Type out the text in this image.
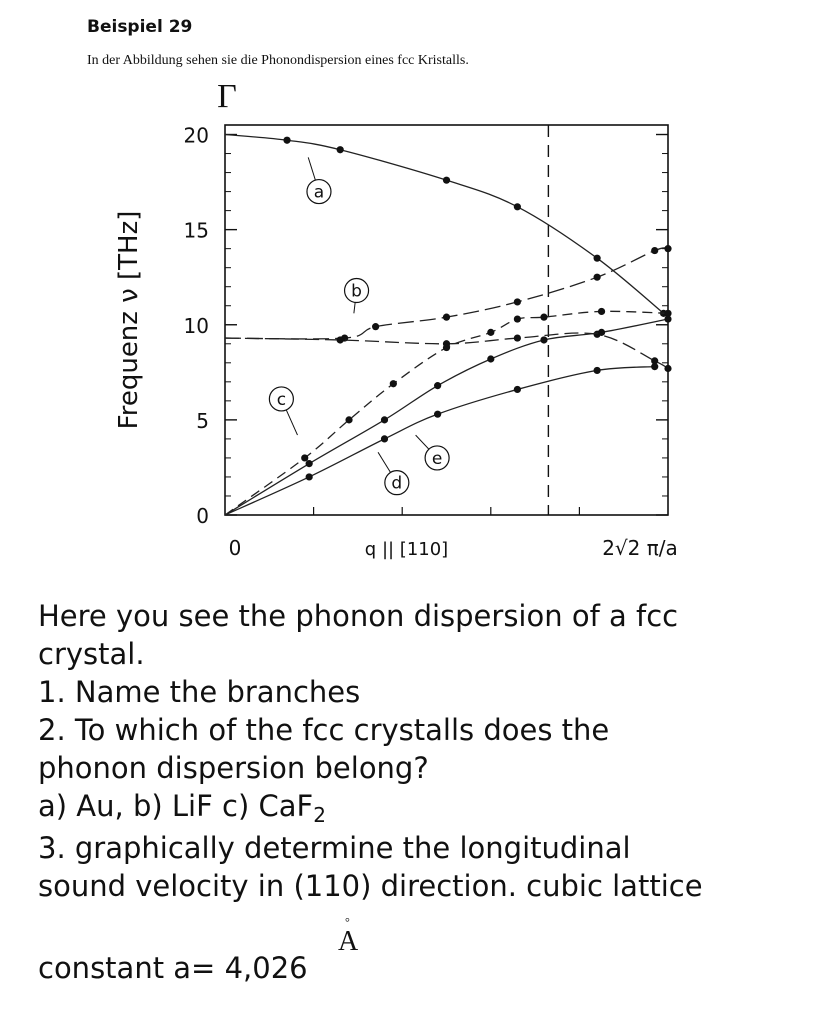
Beispiel 29
In der Abbildung sehen sie die Phonondispersion eines fcc Kristalls.
0
5
10
15
20
0	2√2 π/a
q || [110]
Frequenz ν [THz]
Γ
a
b
c
d
e
Here you see the phonon dispersion of a fcc
crystal.
1. Name the branches
2. To which of the fcc crystalls does the
phonon dispersion belong?
a) Au, b) LiF c) CaF$_2$
3. graphically determine the longitudinal
sound velocity in (110) direction. cubic lattice
constant a= 4,026
A
°
